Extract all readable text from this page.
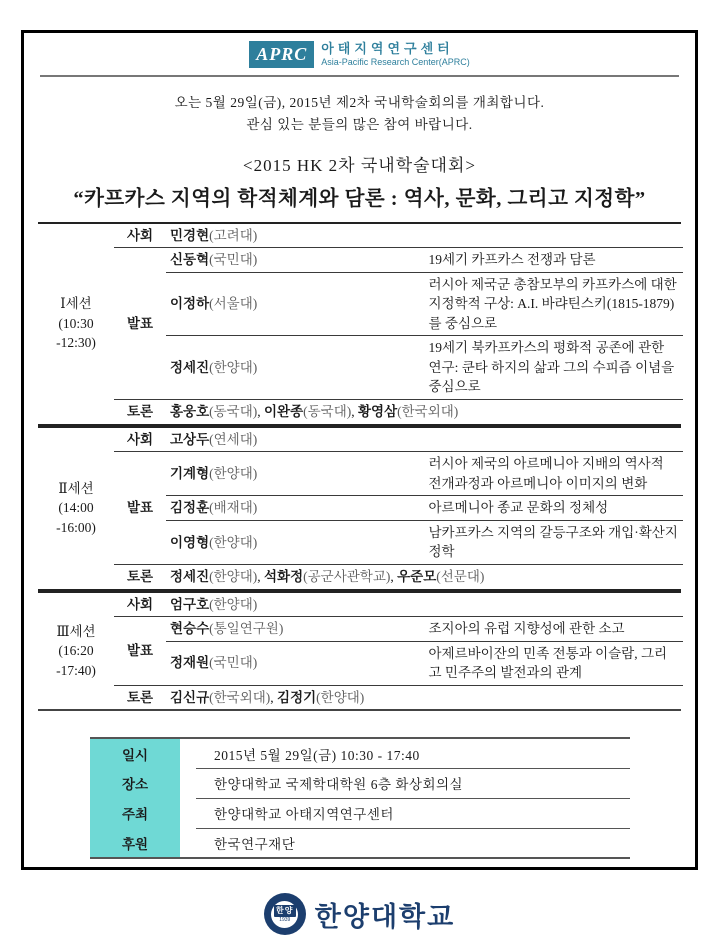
APRC	아태지역연구센터
Asia-Pacific Research Center(APRC)
오는 5월 29일(금), 2015년 제2차 국내학술회의를 개최합니다.
관심 있는 분들의 많은 참여 바랍니다.
<2015 HK 2차 국내학술대회>
“카프카스 지역의 학적체계와 담론 : 역사, 문화, 그리고 지정학”
Ⅰ세션
(10:30
-12:30)	사회	민경현(고려대)	
	발표	신동혁(국민대)	19세기 카프카스 전쟁과 담론
		이정하(서울대)	러시아 제국군 총참모부의 카프카스에 대한 지정학적 구상: A.I. 바랴틴스키(1815-1879)를 중심으로
		정세진(한양대)	19세기 북카프카스의 평화적 공존에 관한 연구: 쿤타 하지의 삶과 그의 수피즘 이념을 중심으로
	토론	홍웅호(동국대), 이완종(동국대), 황영삼(한국외대)	
Ⅱ세션
(14:00
-16:00)	사회	고상두(연세대)	
	발표	기계형(한양대)	러시아 제국의 아르메니아 지배의 역사적 전개과정과 아르메니아 이미지의 변화
		김정훈(배재대)	아르메니아 종교 문화의 정체성
		이영형(한양대)	남카프카스 지역의 갈등구조와 개입·확산지정학
	토론	정세진(한양대), 석화정(공군사관학교), 우준모(선문대)	
Ⅲ세션
(16:20
-17:40)	사회	엄구호(한양대)	
	발표	현승수(통일연구원)	조지아의 유럽 지향성에 관한 소고
		정재원(국민대)	아제르바이잔의 민족 전통과 이슬람, 그리고 민주주의 발전과의 관계
	토론	김신규(한국외대), 김정기(한양대)	
일시		2015년 5월 29일(금) 10:30 - 17:40
장소		한양대학교 국제학대학원 6층 화상회의실
주최		한양대학교 아태지역연구센터
후원		한국연구재단
한양
1939 한양대학교
